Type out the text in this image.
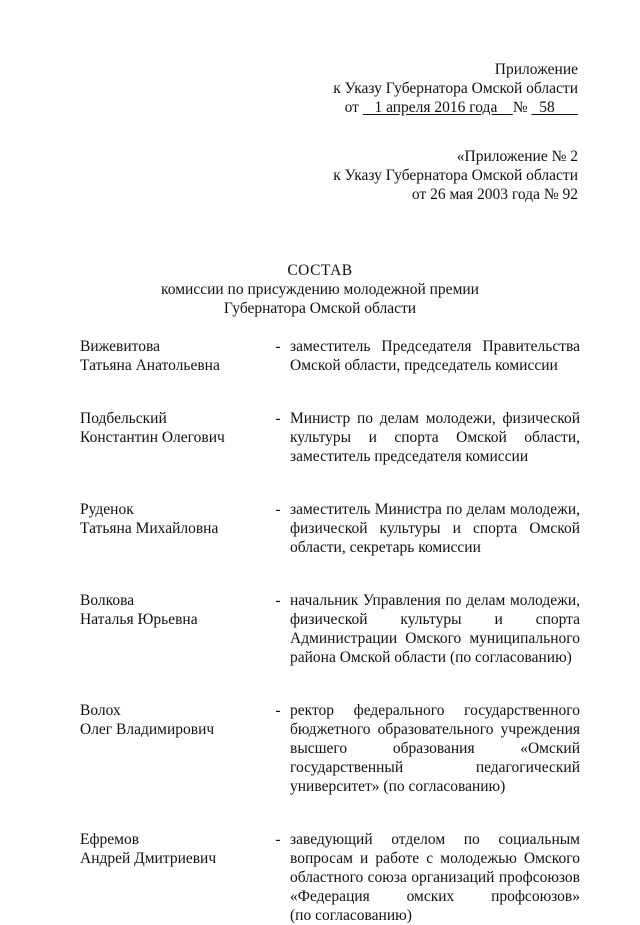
Приложение
к Указу Губернатора Омской области
от 1 апреля 2016 года № 58
«Приложение № 2
к Указу Губернатора Омской области
от 26 мая 2003 года № 92
СОСТАВ
комиссии по присуждению молодежной премии
Губернатора Омской области
Вижевитова
Татьяна Анатольевна
- заместитель Председателя Правительства
Омской области, председатель комиссии
Подбельский
Константин Олегович
- Министр по делам молодежи, физической
культуры и спорта Омской области,
заместитель председателя комиссии
Руденок
Татьяна Михайловна
- заместитель Министра по делам молодежи,
физической культуры и спорта Омской
области, секретарь комиссии
Волкова
Наталья Юрьевна
- начальник Управления по делам молодежи,
физической культуры и спорта
Администрации Омского муниципального
района Омской области (по согласованию)
Волох
Олег Владимирович
- ректор федерального государственного
бюджетного образовательного учреждения
высшего образования «Омский
государственный педагогический
университет» (по согласованию)
Ефремов
Андрей Дмитриевич
- заведующий отделом по социальным
вопросам и работе с молодежью Омского
областного союза организаций профсоюзов
«Федерация омских профсоюзов»
(по согласованию)
